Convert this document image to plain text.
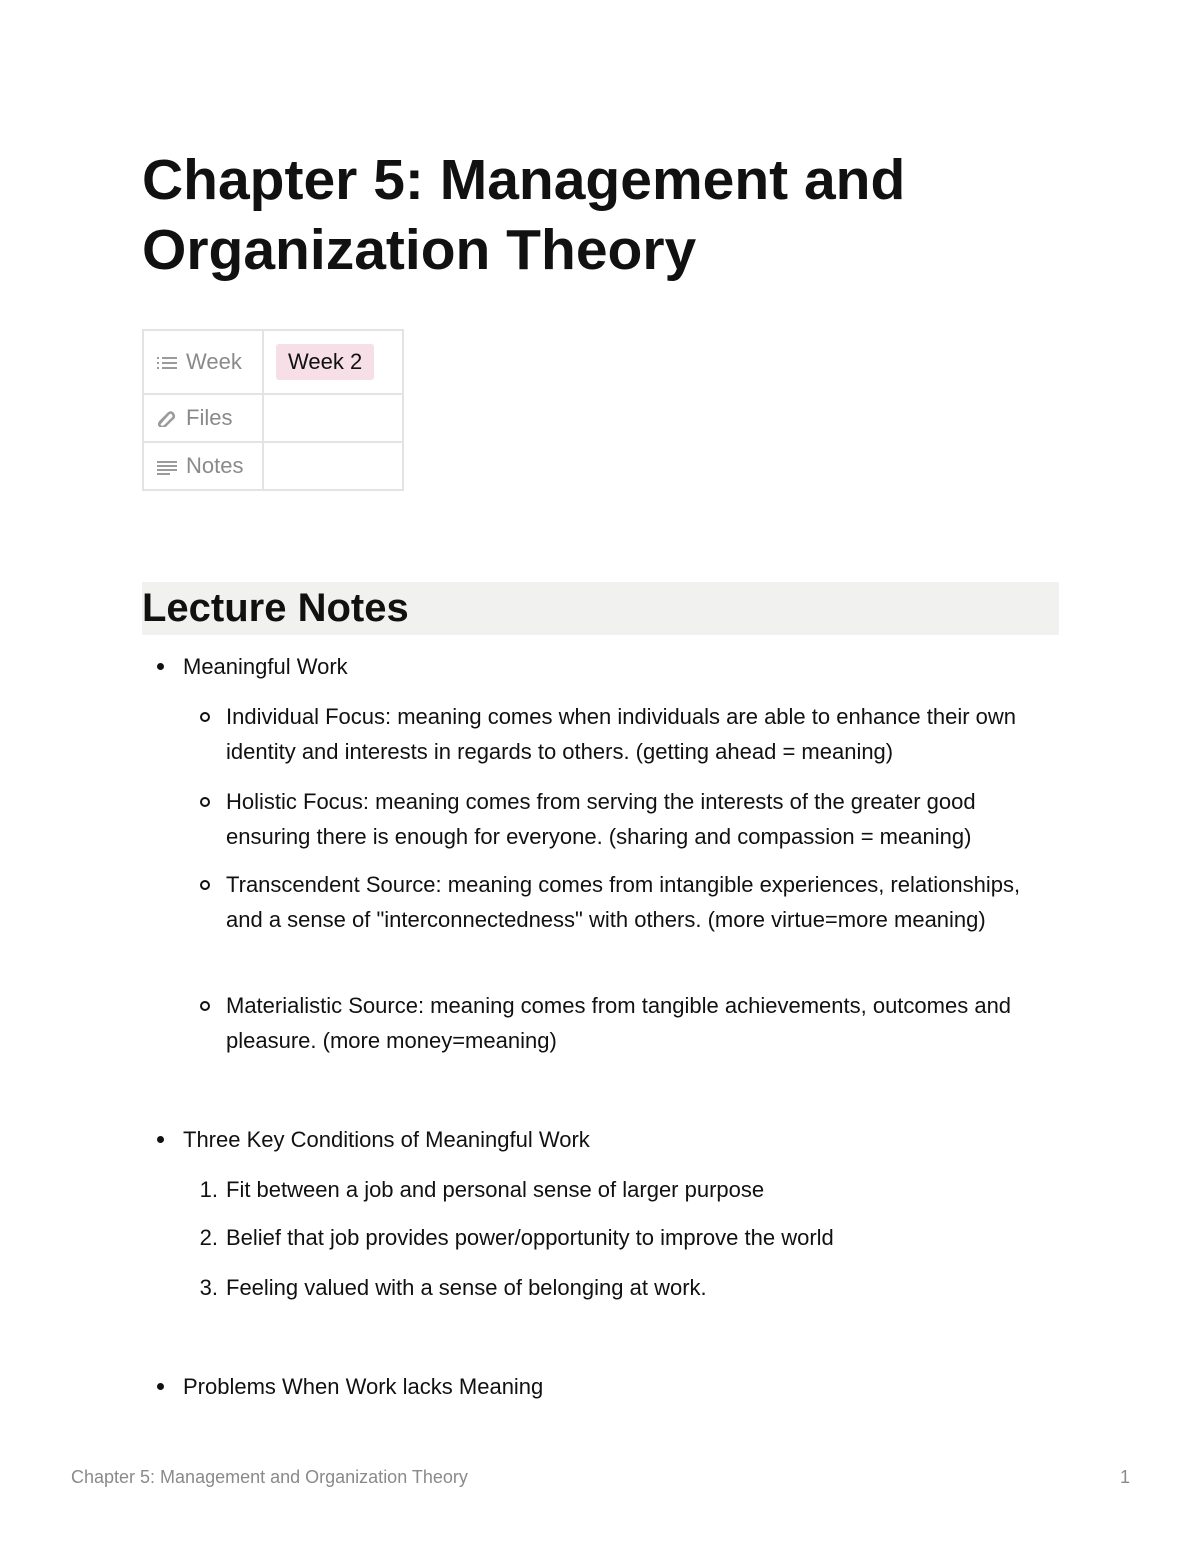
Chapter 5: Management and Organization Theory
Week	Week 2
Files	
Notes	
Lecture Notes
Meaningful Work
Individual Focus: meaning comes when individuals are able to enhance their own identity and interests in regards to others. (getting ahead = meaning)
Holistic Focus: meaning comes from serving the interests of the greater good ensuring there is enough for everyone. (sharing and compassion = meaning)
Transcendent Source: meaning comes from intangible experiences, relationships, and a sense of "interconnectedness" with others. (more virtue=more meaning)
Materialistic Source: meaning comes from tangible achievements, outcomes and pleasure. (more money=meaning)
Three Key Conditions of Meaningful Work
1. Fit between a job and personal sense of larger purpose
2. Belief that job provides power/opportunity to improve the world
3. Feeling valued with a sense of belonging at work.
Problems When Work lacks Meaning
Chapter 5: Management and Organization Theory	1
